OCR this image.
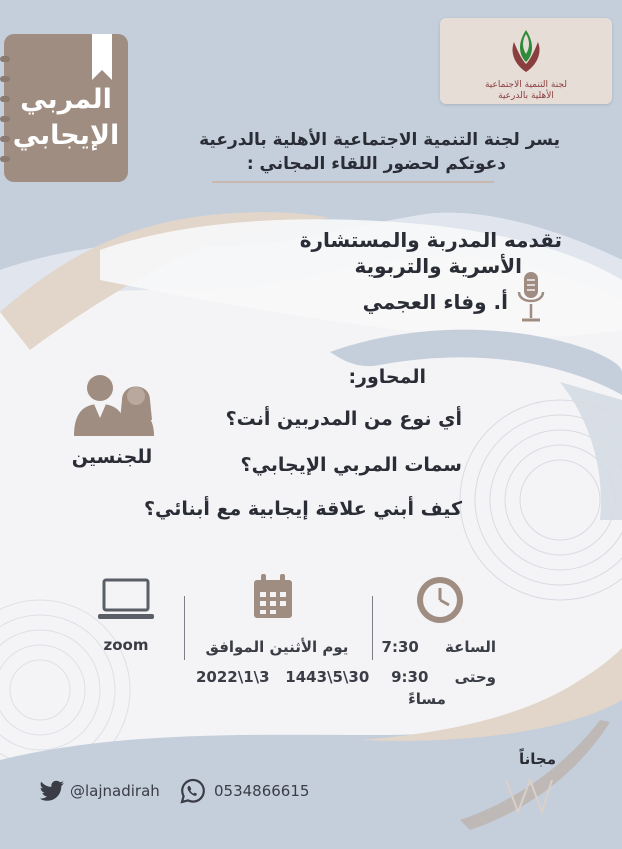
المربي
الإيجابي
لجنة التنمية الاجتماعية
الأهلية بالدرعية
يسر لجنة التنمية الاجتماعية الأهلية بالدرعية
دعوتكم لحضور اللقاء المجاني :
تقدمه المدربة والمستشارة
الأسرية والتربوية
أ. وفاء العجمي
للجنسين
المحاور:
أي نوع من المدربين أنت؟
سمات المربي الإيجابي؟
كيف أبني علاقة إيجابية مع أبنائي؟
zoom	يوم الأثنين الموافق
2022\1\3 1443\5\30
الساعة     7:30
وحتى     9:30
مساءً
مجاناً
@lajnadirah	0534866615
